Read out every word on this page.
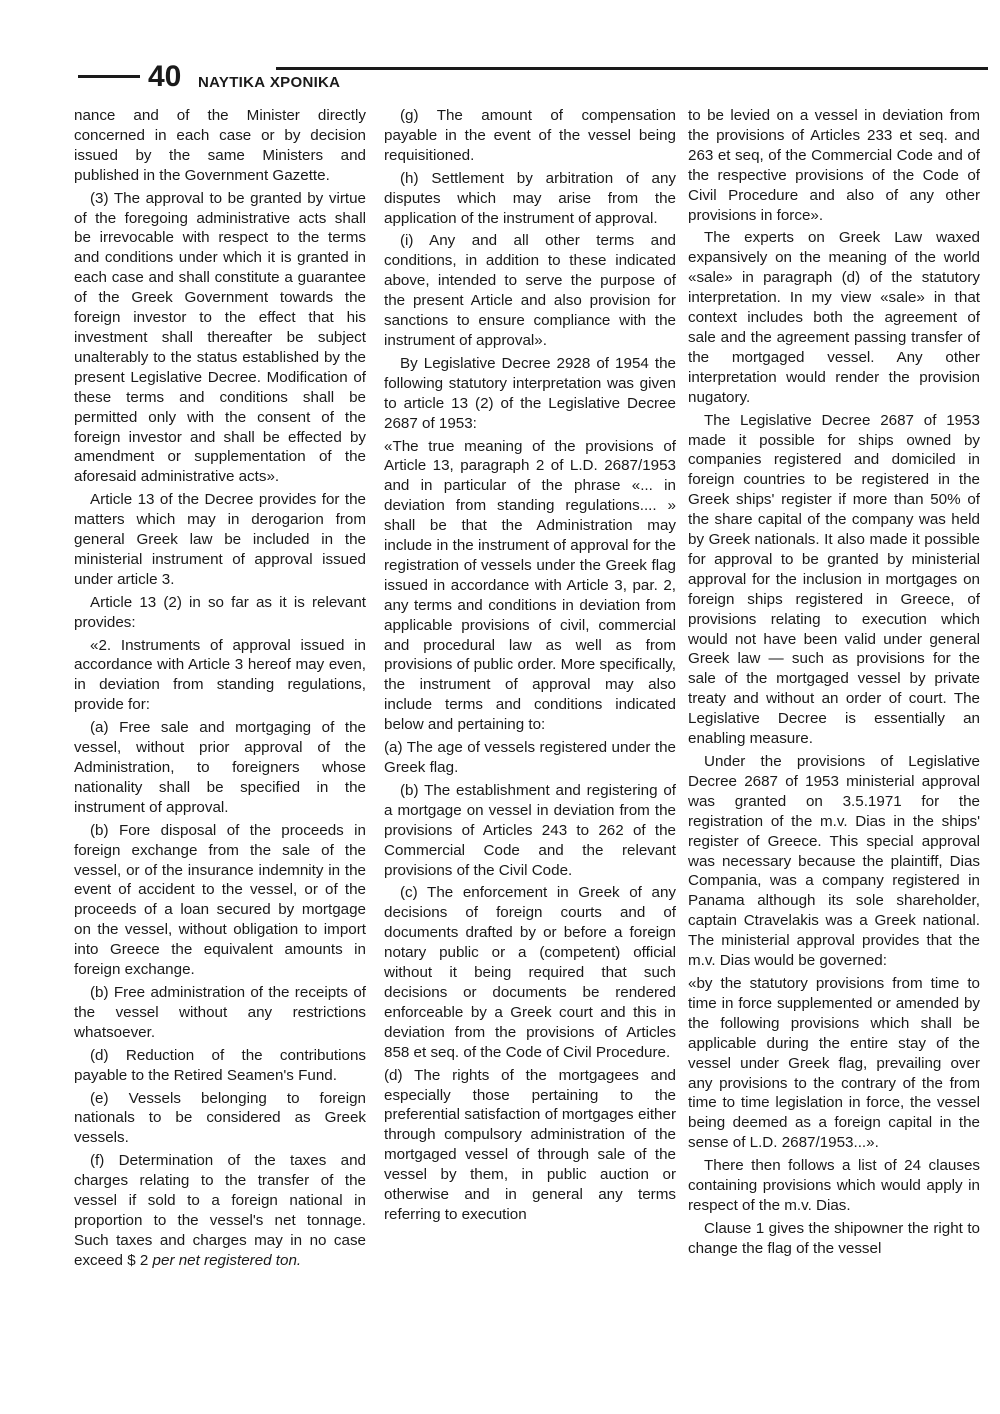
40 ΝΑΥΤΙΚΑ ΧΡΟΝΙΚΑ

nance and of the Minister directly concerned in each case or by decision issued by the same Ministers and published in the Government Gazette.

(3) The approval to be granted by virtue of the foregoing administrative acts shall be irrevocable with respect to the terms and conditions under which it is granted in each case and shall constitute a guarantee of the Greek Government towards the foreign investor to the effect that his investment shall thereafter be subject unalterably to the status established by the present Legislative Decree. Modification of these terms and conditions shall be permitted only with the consent of the foreign investor and shall be effected by amendment or supplementation of the aforesaid administrative acts».

Article 13 of the Decree provides for the matters which may in derogarion from general Greek law be included in the ministerial instrument of approval issued under article 3.

Article 13 (2) in so far as it is relevant provides:

«2. Instruments of approval issued in accordance with Article 3 hereof may even, in deviation from standing regulations, provide for:

(a) Free sale and mortgaging of the vessel, without prior approval of the Administration, to foreigners whose nationality shall be specified in the instrument of approval.

(b) Fore disposal of the proceeds in foreign exchange from the sale of the vessel, or of the insurance indemnity in the event of accident to the vessel, or of the proceeds of a loan secured by mortgage on the vessel, without obligation to import into Greece the equivalent amounts in foreign exchange.

(b) Free administration of the receipts of the vessel without any restrictions whatsoever.

(d) Reduction of the contributions payable to the Retired Seamen's Fund.

(e) Vessels belonging to foreign nationals to be considered as Greek vessels.

(f) Determination of the taxes and charges relating to the transfer of the vessel if sold to a foreign national in proportion to the vessel's net tonnage. Such taxes and charges may in no case exceed $ 2 per net registered ton.

(g) The amount of compensation payable in the event of the vessel being requisitioned.

(h) Settlement by arbitration of any disputes which may arise from the application of the instrument of approval.

(i) Any and all other terms and conditions, in addition to these indicated above, intended to serve the purpose of the present Article and also provision for sanctions to ensure compliance with the instrument of approval».

By Legislative Decree 2928 of 1954 the following statutory interpretation was given to article 13 (2) of the Legislative Decree 2687 of 1953:

«The true meaning of the provisions of Article 13, paragraph 2 of L.D. 2687/1953 and in particular of the phrase «... in deviation from standing regulations.... » shall be that the Administration may include in the instrument of approval for the registration of vessels under the Greek flag issued in accordance with Article 3, par. 2, any terms and conditions in deviation from applicable provisions of civil, commercial and procedural law as well as from provisions of public order. More specifically, the instrument of approval may also include terms and conditions indicated below and pertaining to:

(a) The age of vessels registered under the Greek flag.

(b) The establishment and registering of a mortgage on vessel in deviation from the provisions of Articles 243 to 262 of the Commercial Code and the relevant provisions of the Civil Code.

(c) The enforcement in Greek of any decisions of foreign courts and of documents drafted by or before a foreign notary public or a (competent) official without it being required that such decisions or documents be rendered enforceable by a Greek court and this in deviation from the provisions of Articles 858 et seq. of the Code of Civil Procedure.

(d) The rights of the mortgagees and especially those pertaining to the preferential satisfaction of mortgages either through compulsory administration of the mortgaged vessel of through sale of the vessel by them, in public auction or otherwise and in general any terms referring to execution

to be levied on a vessel in deviation from the provisions of Articles 233 et seq. and 263 et seq, of the Commercial Code and of the respective provisions of the Code of Civil Procedure and also of any other provisions in force».

The experts on Greek Law waxed expansively on the meaning of the world «sale» in paragraph (d) of the statutory interpretation. In my view «sale» in that context includes both the agreement of sale and the agreement passing transfer of the mortgaged vessel. Any other interpretation would render the provision nugatory.

The Legislative Decree 2687 of 1953 made it possible for ships owned by companies registered and domiciled in foreign countries to be registered in the Greek ships' register if more than 50% of the share capital of the company was held by Greek nationals. It also made it possible for approval to be granted by ministerial approval for the inclusion in mortgages on foreign ships registered in Greece, of provisions relating to execution which would not have been valid under general Greek law — such as provisions for the sale of the mortgaged vessel by private treaty and without an order of court. The Legislative Decree is essentially an enabling measure.

Under the provisions of Legislative Decree 2687 of 1953 ministerial approval was granted on 3.5.1971 for the registration of the m.v. Dias in the ships' register of Greece. This special approval was necessary because the plaintiff, Dias Compania, was a company registered in Panama although its sole shareholder, captain Ctravelakis was a Greek national. The ministerial approval provides that the m.v. Dias would be governed:

«by the statutory provisions from time to time in force supplemented or amended by the following provisions which shall be applicable during the entire stay of the vessel under Greek flag, prevailing over any provisions to the contrary of the from time to time legislation in force, the vessel being deemed as a foreign capital in the sense of L.D. 2687/1953...».

There then follows a list of 24 clauses containing provisions which would apply in respect of the m.v. Dias.

Clause 1 gives the shipowner the right to change the flag of the vessel
